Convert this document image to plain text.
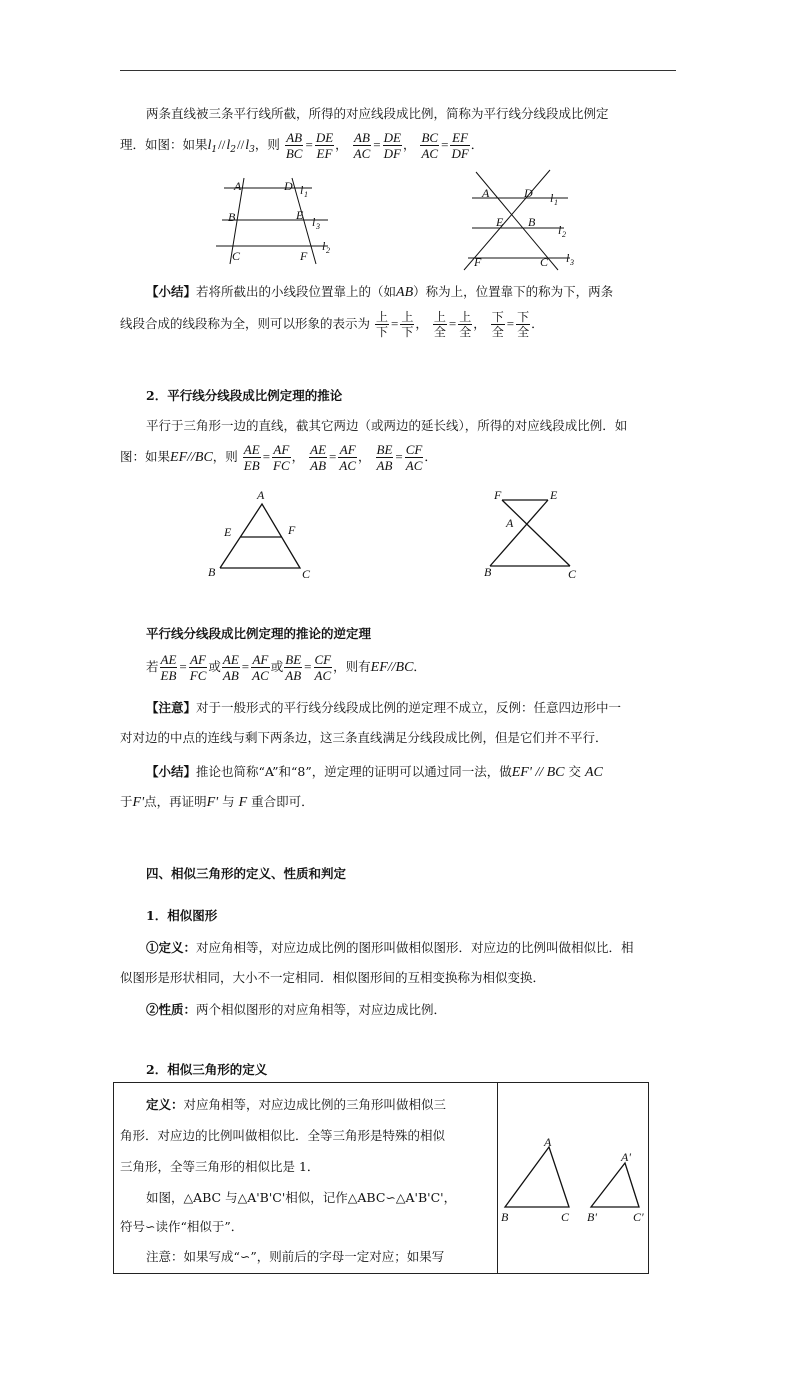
两条直线被三条平行线所截，所得的对应线段成比例，简称为平行线分线段成比例定
理．如图：如果$l_1//l_2//l_3$，则 $\frac{AB}{BC} = \frac{DE}{EF}$ ， $\frac{AB}{AC} = \frac{DE}{DF}$ ， $\frac{BC}{AC} = \frac{EF}{DF}$ ．
A	D l 1
B	E l 3
l 2
C	F
A	D l 1
E B
l 2
F	C l 3
【小结】若将所截出的小线段位置靠上的（如AB）称为上，位置靠下的称为下，两条
线段合成的线段称为全，则可以形象的表示为 $\frac{\text{上}}{\text{下}} = \frac{\text{上}}{\text{下}}$ ， $\frac{\text{上}}{\text{全}} = \frac{\text{上}}{\text{全}}$ ， $\frac{\text{下}}{\text{全}} = \frac{\text{下}}{\text{全}}$ ．
2．平行线分线段成比例定理的推论
平行于三角形一边的直线，截其它两边（或两边的延长线），所得的对应线段成比例．如
图：如果EF//BC，则 $\frac{AE}{EB} = \frac{AF}{FC}$ ， $\frac{AE}{AB} = \frac{AF}{AC}$ ， $\frac{BE}{AB} = \frac{CF}{AC}$ ．
A
E	F
B	C
F	E
A
B	C
平行线分线段成比例定理的推论的逆定理
若 $\frac{AE}{EB} = \frac{AF}{FC}$ 或 $\frac{AE}{AB} = \frac{AF}{AC}$ 或 $\frac{BE}{AB} = \frac{CF}{AC}$ ，则有EF//BC．
【注意】对于一般形式的平行线分线段成比例的逆定理不成立，反例：任意四边形中一
对对边的中点的连线与剩下两条边，这三条直线满足分线段成比例，但是它们并不平行．
【小结】推论也简称“A”和“8”，逆定理的证明可以通过同一法，做EF' // BC 交 AC
于F'点，再证明F' 与 F 重合即可．
四、相似三角形的定义、性质和判定
1．相似图形
①定义：对应角相等，对应边成比例的图形叫做相似图形．对应边的比例叫做相似比．相
似图形是形状相同，大小不一定相同．相似图形间的互相变换称为相似变换．
②性质：两个相似图形的对应角相等，对应边成比例．
2．相似三角形的定义
定义：对应角相等，对应边成比例的三角形叫做相似三
角形．对应边的比例叫做相似比．全等三角形是特殊的相似
三角形，全等三角形的相似比是 1．
如图，△ABC 与△A'B'C'相似，记作△ABC∽△A'B'C'，
符号∽读作“相似于”．
注意：如果写成“∽”，则前后的字母一定对应；如果写
A
B	C
A'
B'	C'
